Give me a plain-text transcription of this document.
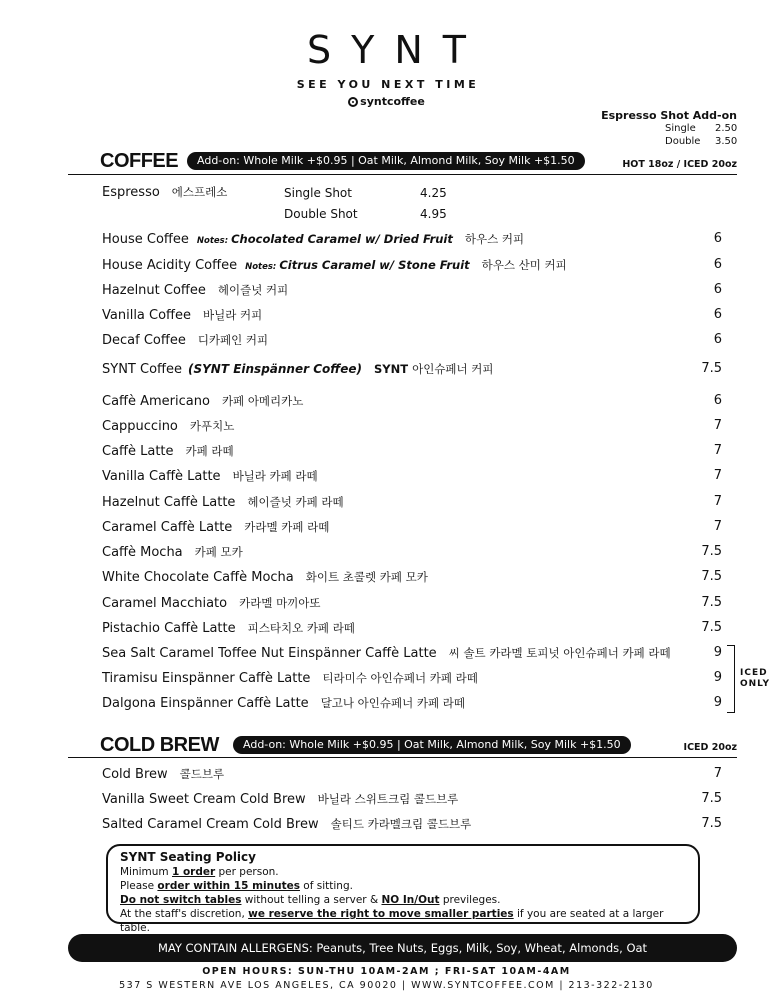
SYNT
SEE YOU NEXT TIME
syntcoffee
Espresso Shot Add-on
Single	2.50
Double	3.50
COFFEE	Add-on: Whole Milk +$0.95 | Oat Milk, Almond Milk, Soy Milk +$1.50	HOT 18oz / ICED 20oz
Espresso 에스프레소	Single Shot	4.25
Double Shot	4.95
House Coffee Notes: Chocolated Caramel w/ Dried Fruit 하우스 커피	6
House Acidity Coffee Notes: Citrus Caramel w/ Stone Fruit 하우스 산미 커피	6
Hazelnut Coffee 헤이즐넛 커피	6
Vanilla Coffee 바닐라 커피	6
Decaf Coffee 디카페인 커피	6
SYNT Coffee (SYNT Einspänner Coffee) SYNT 아인슈페너 커피	7.5
Caffè Americano 카페 아메리카노	6
Cappuccino 카푸치노	7
Caffè Latte 카페 라떼	7
Vanilla Caffè Latte 바닐라 카페 라떼	7
Hazelnut Caffè Latte 헤이즐넛 카페 라떼	7
Caramel Caffè Latte 카라멜 카페 라떼	7
Caffè Mocha 카페 모카	7.5
White Chocolate Caffè Mocha 화이트 초콜렛 카페 모카	7.5
Caramel Macchiato 카라멜 마끼아또	7.5
Pistachio Caffè Latte 피스타치오 카페 라떼	7.5
Sea Salt Caramel Toffee Nut Einspänner Caffè Latte 씨 솔트 카라멜 토피넛 아인슈페너 카페 라떼	9
Tiramisu Einspänner Caffè Latte 티라미수 아인슈페너 카페 라떼	9
Dalgona Einspänner Caffè Latte 달고나 아인슈페너 카페 라떼	9
ICED
ONLY
COLD BREW	Add-on: Whole Milk +$0.95 | Oat Milk, Almond Milk, Soy Milk +$1.50	ICED 20oz
Cold Brew 콜드브루	7
Vanilla Sweet Cream Cold Brew 바닐라 스위트크림 콜드브루	7.5
Salted Caramel Cream Cold Brew 솔티드 카라멜크림 콜드브루	7.5
SYNT Seating Policy
Minimum 1 order per person.
Please order within 15 minutes of sitting.
Do not switch tables without telling a server & NO In/Out previleges.
At the staff's discretion, we reserve the right to move smaller parties if you are seated at a larger table.
MAY CONTAIN ALLERGENS: Peanuts, Tree Nuts, Eggs, Milk, Soy, Wheat, Almonds, Oat
OPEN HOURS: SUN-THU 10AM-2AM ; FRI-SAT 10AM-4AM
537 S WESTERN AVE LOS ANGELES, CA 90020 | WWW.SYNTCOFFEE.COM | 213-322-2130
